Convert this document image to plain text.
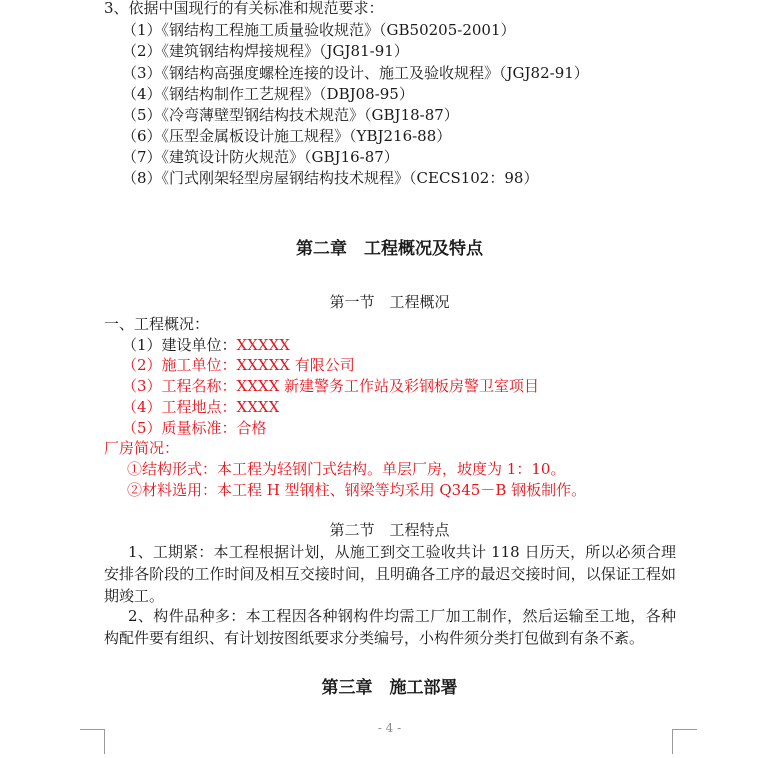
3、依据中国现行的有关标准和规范要求：
（1）《钢结构工程施工质量验收规范》（GB50205-2001）
（2）《建筑钢结构焊接规程》（JGJ81-91）
（3）《钢结构高强度螺栓连接的设计、施工及验收规程》（JGJ82-91）
（4）《钢结构制作工艺规程》（DBJ08-95）
（5）《冷弯薄壁型钢结构技术规范》（GBJ18-87）
（6）《压型金属板设计施工规程》（YBJ216-88）
（7）《建筑设计防火规范》（GBJ16-87）
（8）《门式刚架轻型房屋钢结构技术规程》（CECS102：98）
第二章　工程概况及特点
第一节　工程概况
一、工程概况：
（1）建设单位：XXXXX
（2）施工单位：XXXXX 有限公司
（3）工程名称：XXXX 新建警务工作站及彩钢板房警卫室项目
（4）工程地点：XXXX
（5）质量标准：合格
厂房简况：
①结构形式：本工程为轻钢门式结构。单层厂房，坡度为 1：10。
②材料选用：本工程 H 型钢柱、钢梁等均采用 Q345－B 钢板制作。
第二节　工程特点
1、工期紧：本工程根据计划，从施工到交工验收共计 118 日历天，所以必须合理安排各阶段的工作时间及相互交接时间，且明确各工序的最迟交接时间，以保证工程如期竣工。
2、构件品种多：本工程因各种钢构件均需工厂加工制作，然后运输至工地，各种构配件要有组织、有计划按图纸要求分类编号，小构件须分类打包做到有条不紊。
第三章　施工部署
- 4 -
